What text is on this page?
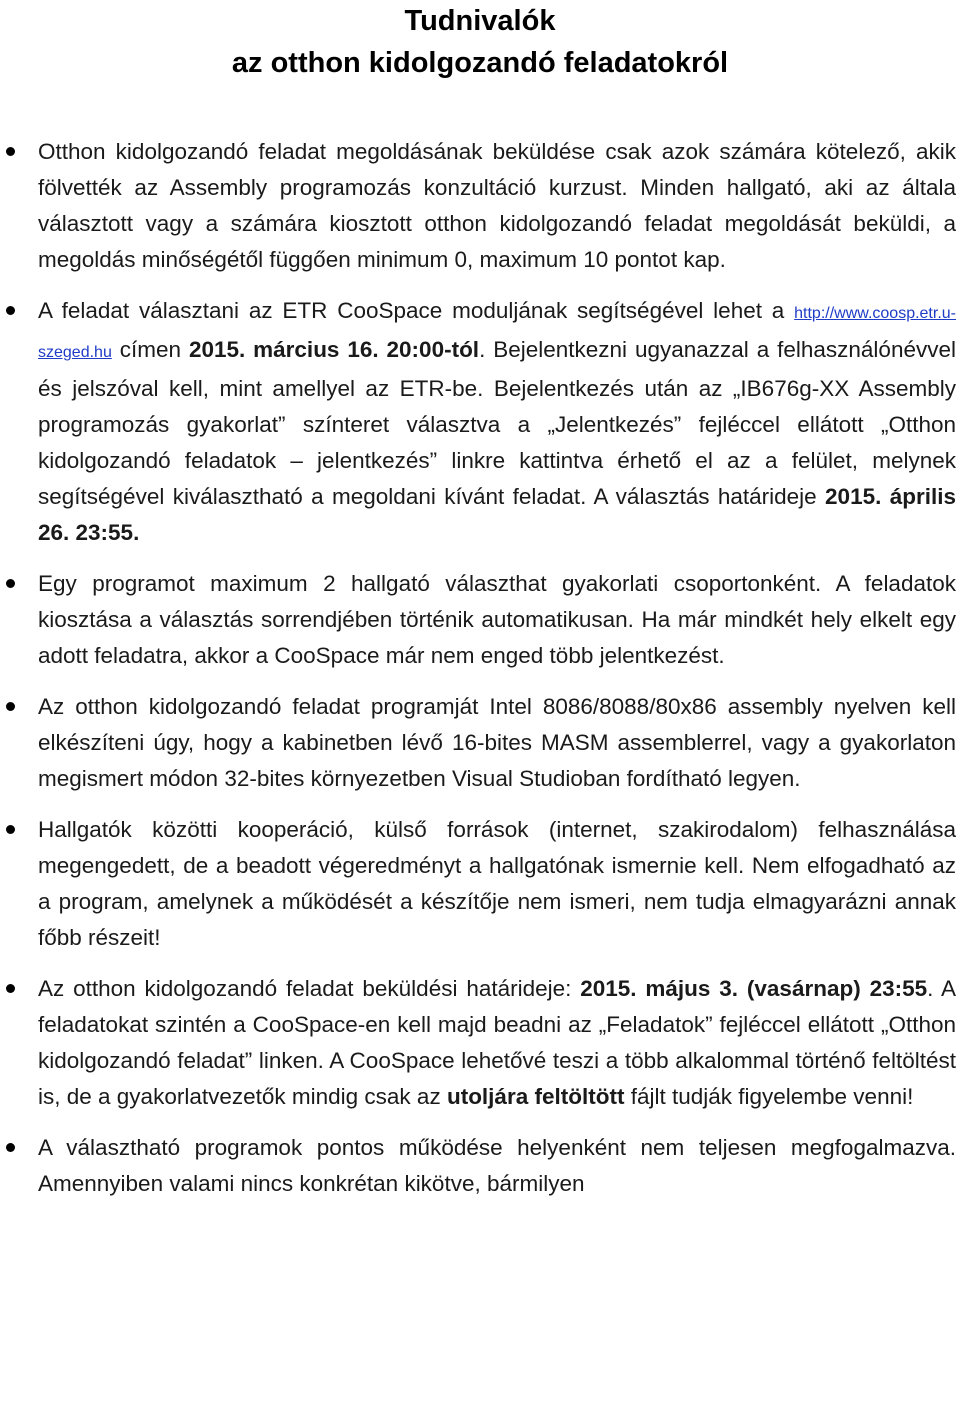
Tudnivalók
az otthon kidolgozandó feladatokról
Otthon kidolgozandó feladat megoldásának beküldése csak azok számára kötelező, akik fölvették az Assembly programozás konzultáció kurzust. Minden hallgató, aki az általa választott vagy a számára kiosztott otthon kidolgozandó feladat megoldását beküldi, a megoldás minőségétől függően minimum 0, maximum 10 pontot kap.
A feladat választani az ETR CooSpace moduljának segítségével lehet a http://www.coosp.etr.u-szeged.hu címen 2015. március 16. 20:00-tól. Bejelentkezni ugyanazzal a felhasználónévvel és jelszóval kell, mint amellyel az ETR-be. Bejelentkezés után az „IB676g-XX Assembly programozás gyakorlat” színteret választva a „Jelentkezés” fejléccel ellátott „Otthon kidolgozandó feladatok – jelentkezés” linkre kattintva érhető el az a felület, melynek segítségével kiválasztható a megoldani kívánt feladat. A választás határideje 2015. április 26. 23:55.
Egy programot maximum 2 hallgató választhat gyakorlati csoportonként. A feladatok kiosztása a választás sorrendjében történik automatikusan. Ha már mindkét hely elkelt egy adott feladatra, akkor a CooSpace már nem enged több jelentkezést.
Az otthon kidolgozandó feladat programját Intel 8086/8088/80x86 assembly nyelven kell elkészíteni úgy, hogy a kabinetben lévő 16-bites MASM assemblerrel, vagy a gyakorlaton megismert módon 32-bites környezetben Visual Studioban fordítható legyen.
Hallgatók közötti kooperáció, külső források (internet, szakirodalom) felhasználása megengedett, de a beadott végeredményt a hallgatónak ismernie kell. Nem elfogadható az a program, amelynek a működését a készítője nem ismeri, nem tudja elmagyarázni annak főbb részeit!
Az otthon kidolgozandó feladat beküldési határideje: 2015. május 3. (vasárnap) 23:55. A feladatokat szintén a CooSpace-en kell majd beadni az „Feladatok” fejléccel ellátott „Otthon kidolgozandó feladat” linken. A CooSpace lehetővé teszi a több alkalommal történő feltöltést is, de a gyakorlatvezetők mindig csak az utoljára feltöltött fájlt tudják figyelembe venni!
A választható programok pontos működése helyenként nem teljesen megfogalmazva. Amennyiben valami nincs konkrétan kikötve, bármilyen
